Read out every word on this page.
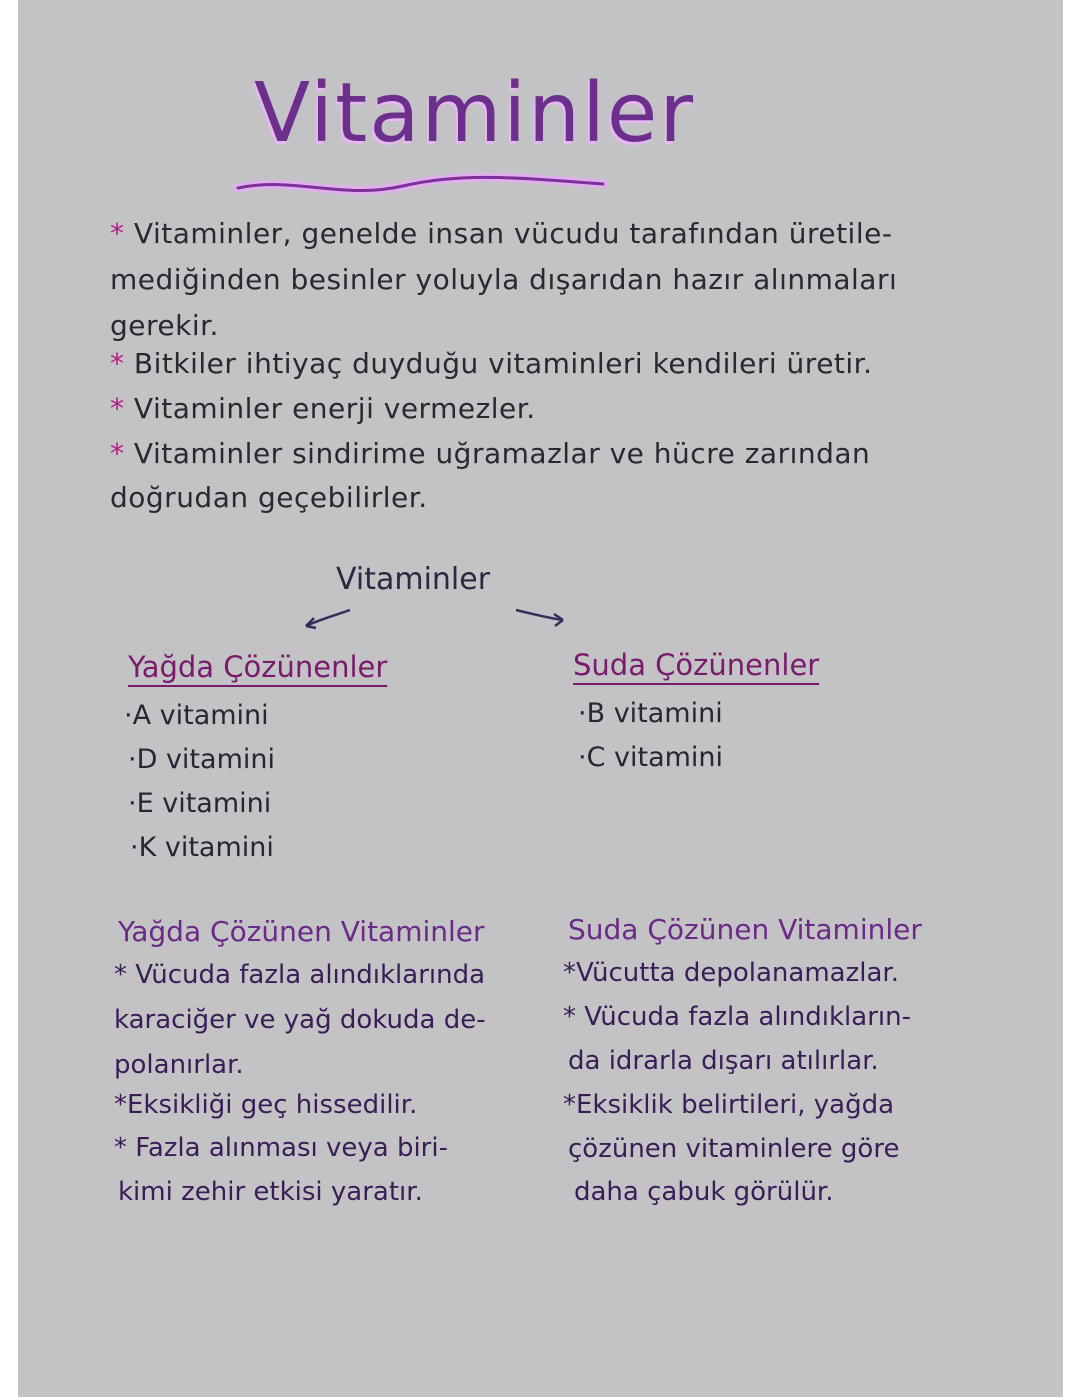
Vitaminler
* Vitaminler, genelde insan vücudu tarafından üretile-
mediğinden besinler yoluyla dışarıdan hazır alınmaları
gerekir.
* Bitkiler ihtiyaç duyduğu vitaminleri kendileri üretir.
* Vitaminler enerji vermezler.
* Vitaminler sindirime uğramazlar ve hücre zarından
doğrudan geçebilirler.
Vitaminler
Yağda Çözünenler
·A vitamini
·D vitamini
·E vitamini
·K vitamini
Suda Çözünenler
·B vitamini
·C vitamini
Yağda Çözünen Vitaminler
* Vücuda fazla alındıklarında
karaciğer ve yağ dokuda de-
polanırlar.
*Eksikliği geç hissedilir.
* Fazla alınması veya biri-
kimi zehir etkisi yaratır.
Suda Çözünen Vitaminler
*Vücutta depolanamazlar.
* Vücuda fazla alındıkların-
da idrarla dışarı atılırlar.
*Eksiklik belirtileri, yağda
çözünen vitaminlere göre
daha çabuk görülür.
